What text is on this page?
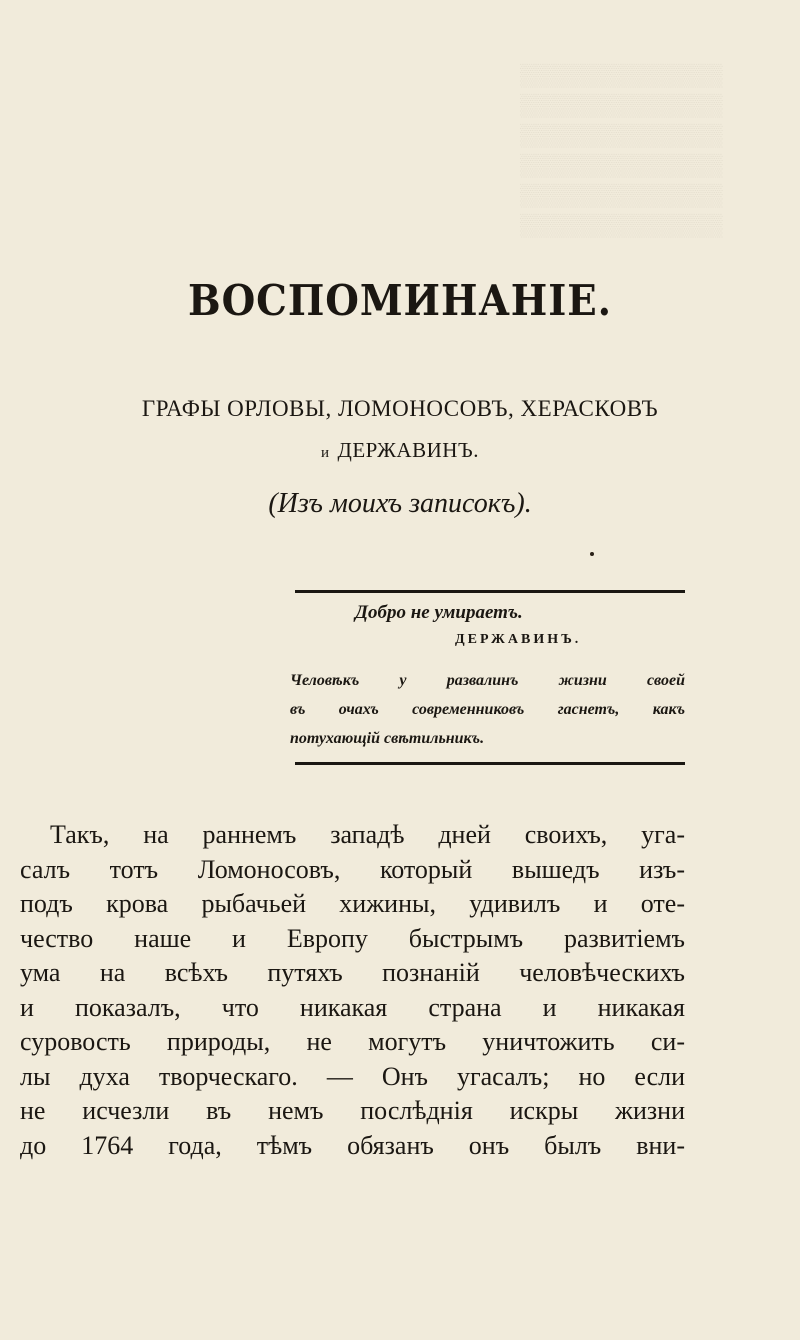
▒▒▒▒▒▒▒▒▒▒▒▒▒
▒▒▒▒▒▒▒▒▒▒▒▒▒
▒▒▒▒▒▒▒▒▒▒▒▒▒
▒▒▒▒▒▒▒▒▒▒▒▒▒
▒▒▒▒▒▒▒▒▒▒▒▒▒
▒▒▒▒▒▒▒▒▒▒▒▒▒
ВОСПОМИНАНІЕ.
ГРАФЫ ОРЛОВЫ, ЛОМОНОСОВЪ, ХЕРАСКОВЪ
и ДЕРЖАВИНЪ.
(Изъ моихъ записокъ).
Добро не умираетъ.
ДЕРЖАВИНЪ.
Человѣкъ у развалинъ жизни своей
въ очахъ современниковъ гаснетъ, какъ
потухающій свѣтильникъ.
Такъ, на раннемъ западѣ дней своихъ, уга-
салъ тотъ Ломоносовъ, который вышедъ изъ-
подъ крова рыбачьей хижины, удивилъ и оте-
чество наше и Европу быстрымъ развитіемъ
ума на всѣхъ путяхъ познаній человѣческихъ
и показалъ, что никакая страна и никакая
суровость природы, не могутъ уничтожить си-
лы духа творческаго. — Онъ угасалъ; но если
не исчезли въ немъ послѣднія искры жизни
до 1764 года, тѣмъ обязанъ онъ былъ вни-
